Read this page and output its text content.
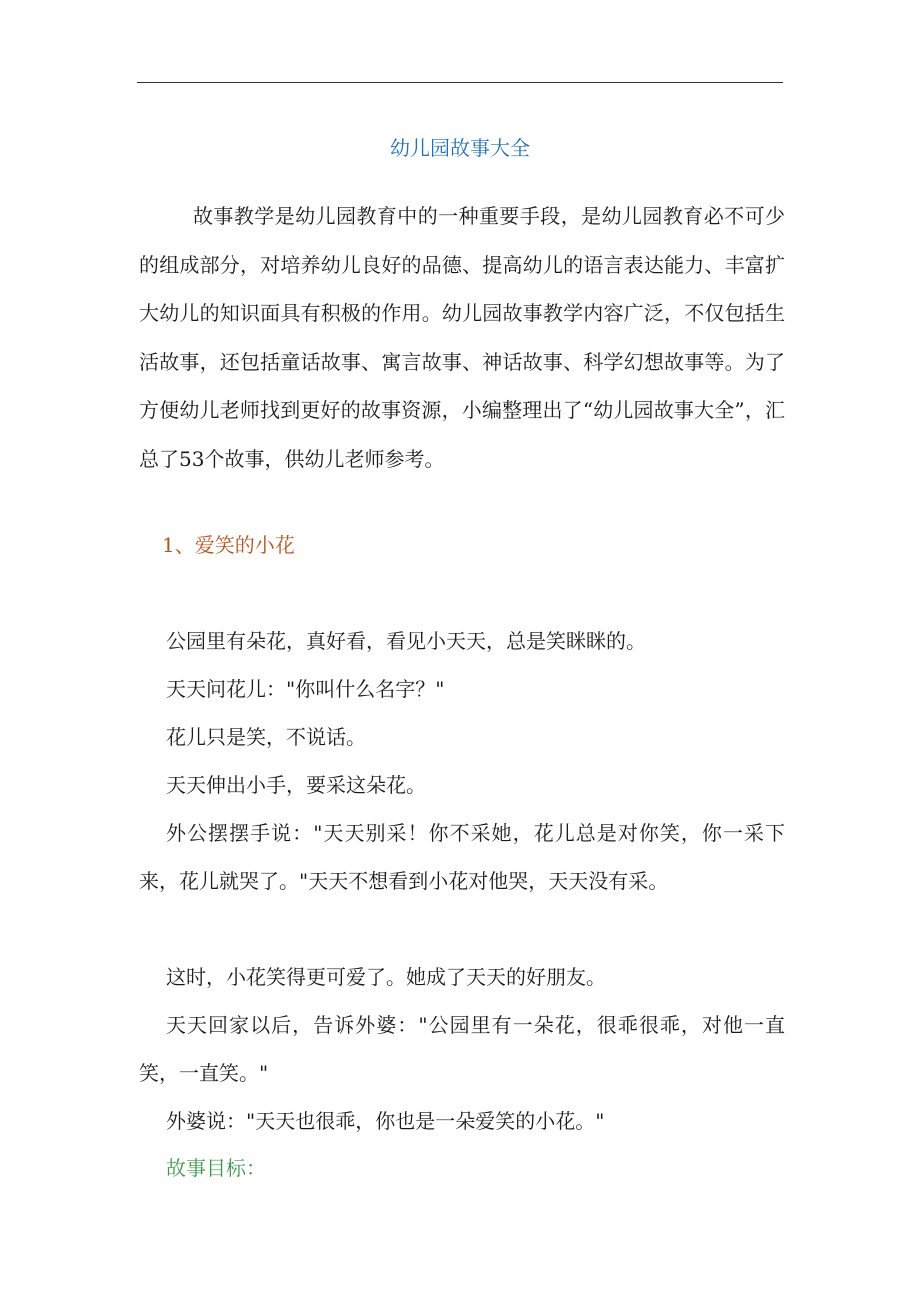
幼儿园故事大全

故事教学是幼儿园教育中的一种重要手段，是幼儿园教育必不可少的组成部分，对培养幼儿良好的品德、提高幼儿的语言表达能力、丰富扩大幼儿的知识面具有积极的作用。幼儿园故事教学内容广泛，不仅包括生活故事，还包括童话故事、寓言故事、神话故事、科学幻想故事等。为了方便幼儿老师找到更好的故事资源，小编整理出了“幼儿园故事大全”，汇总了53个故事，供幼儿老师参考。

1、爱笑的小花

公园里有朵花，真好看，看见小天天，总是笑眯眯的。

天天问花儿："你叫什么名字？"

花儿只是笑，不说话。

天天伸出小手，要采这朵花。

外公摆摆手说："天天别采！你不采她，花儿总是对你笑，你一采下来，花儿就哭了。"天天不想看到小花对他哭，天天没有采。

这时，小花笑得更可爱了。她成了天天的好朋友。

天天回家以后，告诉外婆："公园里有一朵花，很乖很乖，对他一直笑，一直笑。"

外婆说："天天也很乖，你也是一朵爱笑的小花。"

故事目标：
